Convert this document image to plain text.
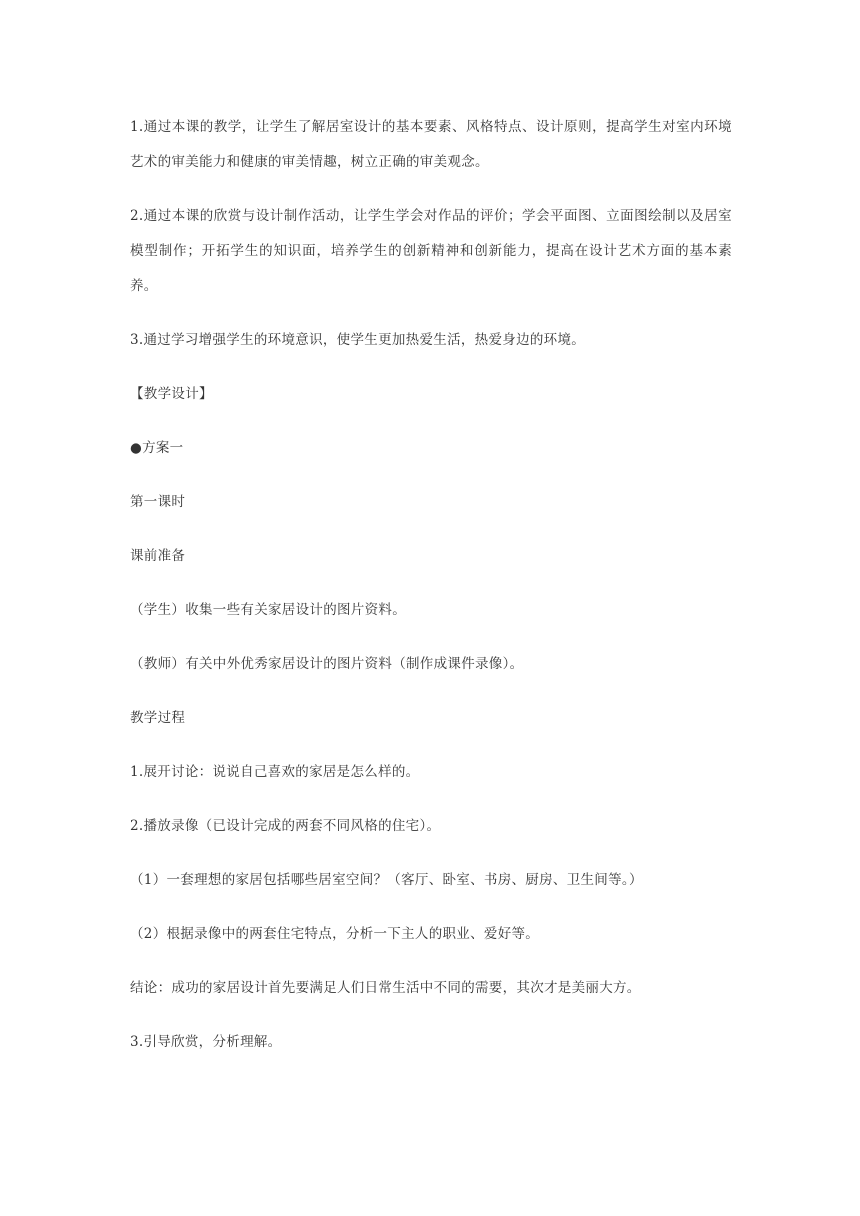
1.通过本课的教学，让学生了解居室设计的基本要素、风格特点、设计原则，提高学生对室内环境艺术的审美能力和健康的审美情趣，树立正确的审美观念。

2.通过本课的欣赏与设计制作活动，让学生学会对作品的评价；学会平面图、立面图绘制以及居室模型制作；开拓学生的知识面，培养学生的创新精神和创新能力，提高在设计艺术方面的基本素养。

3.通过学习增强学生的环境意识，使学生更加热爱生活，热爱身边的环境。

【教学设计】

●方案一

第一课时

课前准备

（学生）收集一些有关家居设计的图片资料。

（教师）有关中外优秀家居设计的图片资料（制作成课件录像）。

教学过程

1.展开讨论：说说自己喜欢的家居是怎么样的。

2.播放录像（已设计完成的两套不同风格的住宅）。

（1）一套理想的家居包括哪些居室空间？（客厅、卧室、书房、厨房、卫生间等。）

（2）根据录像中的两套住宅特点，分析一下主人的职业、爱好等。

结论：成功的家居设计首先要满足人们日常生活中不同的需要，其次才是美丽大方。

3.引导欣赏，分析理解。
